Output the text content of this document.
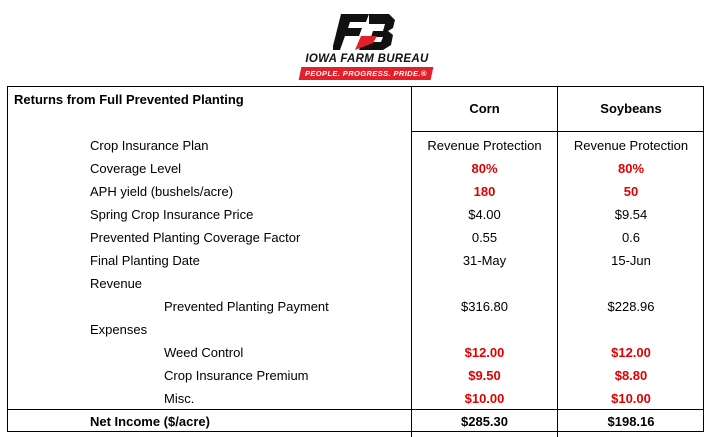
IOWA FARM BUREAU
PEOPLE. PROGRESS. PRIDE.®
Returns from Full Prevented Planting
Corn	Soybeans
Crop Insurance Plan
Coverage Level
APH yield (bushels/acre)
Spring Crop Insurance Price
Prevented Planting Coverage Factor
Final Planting Date
Revenue
Prevented Planting Payment
Expenses
Weed Control
Crop Insurance Premium
Misc.
Net Income ($/acre)
Revenue Protection
80%
180
$4.00
0.55
31-May
$316.80
$12.00
$9.50
$10.00
$285.30
Revenue Protection
80%
50
$9.54
0.6
15-Jun
$228.96
$12.00
$8.80
$10.00
$198.16
